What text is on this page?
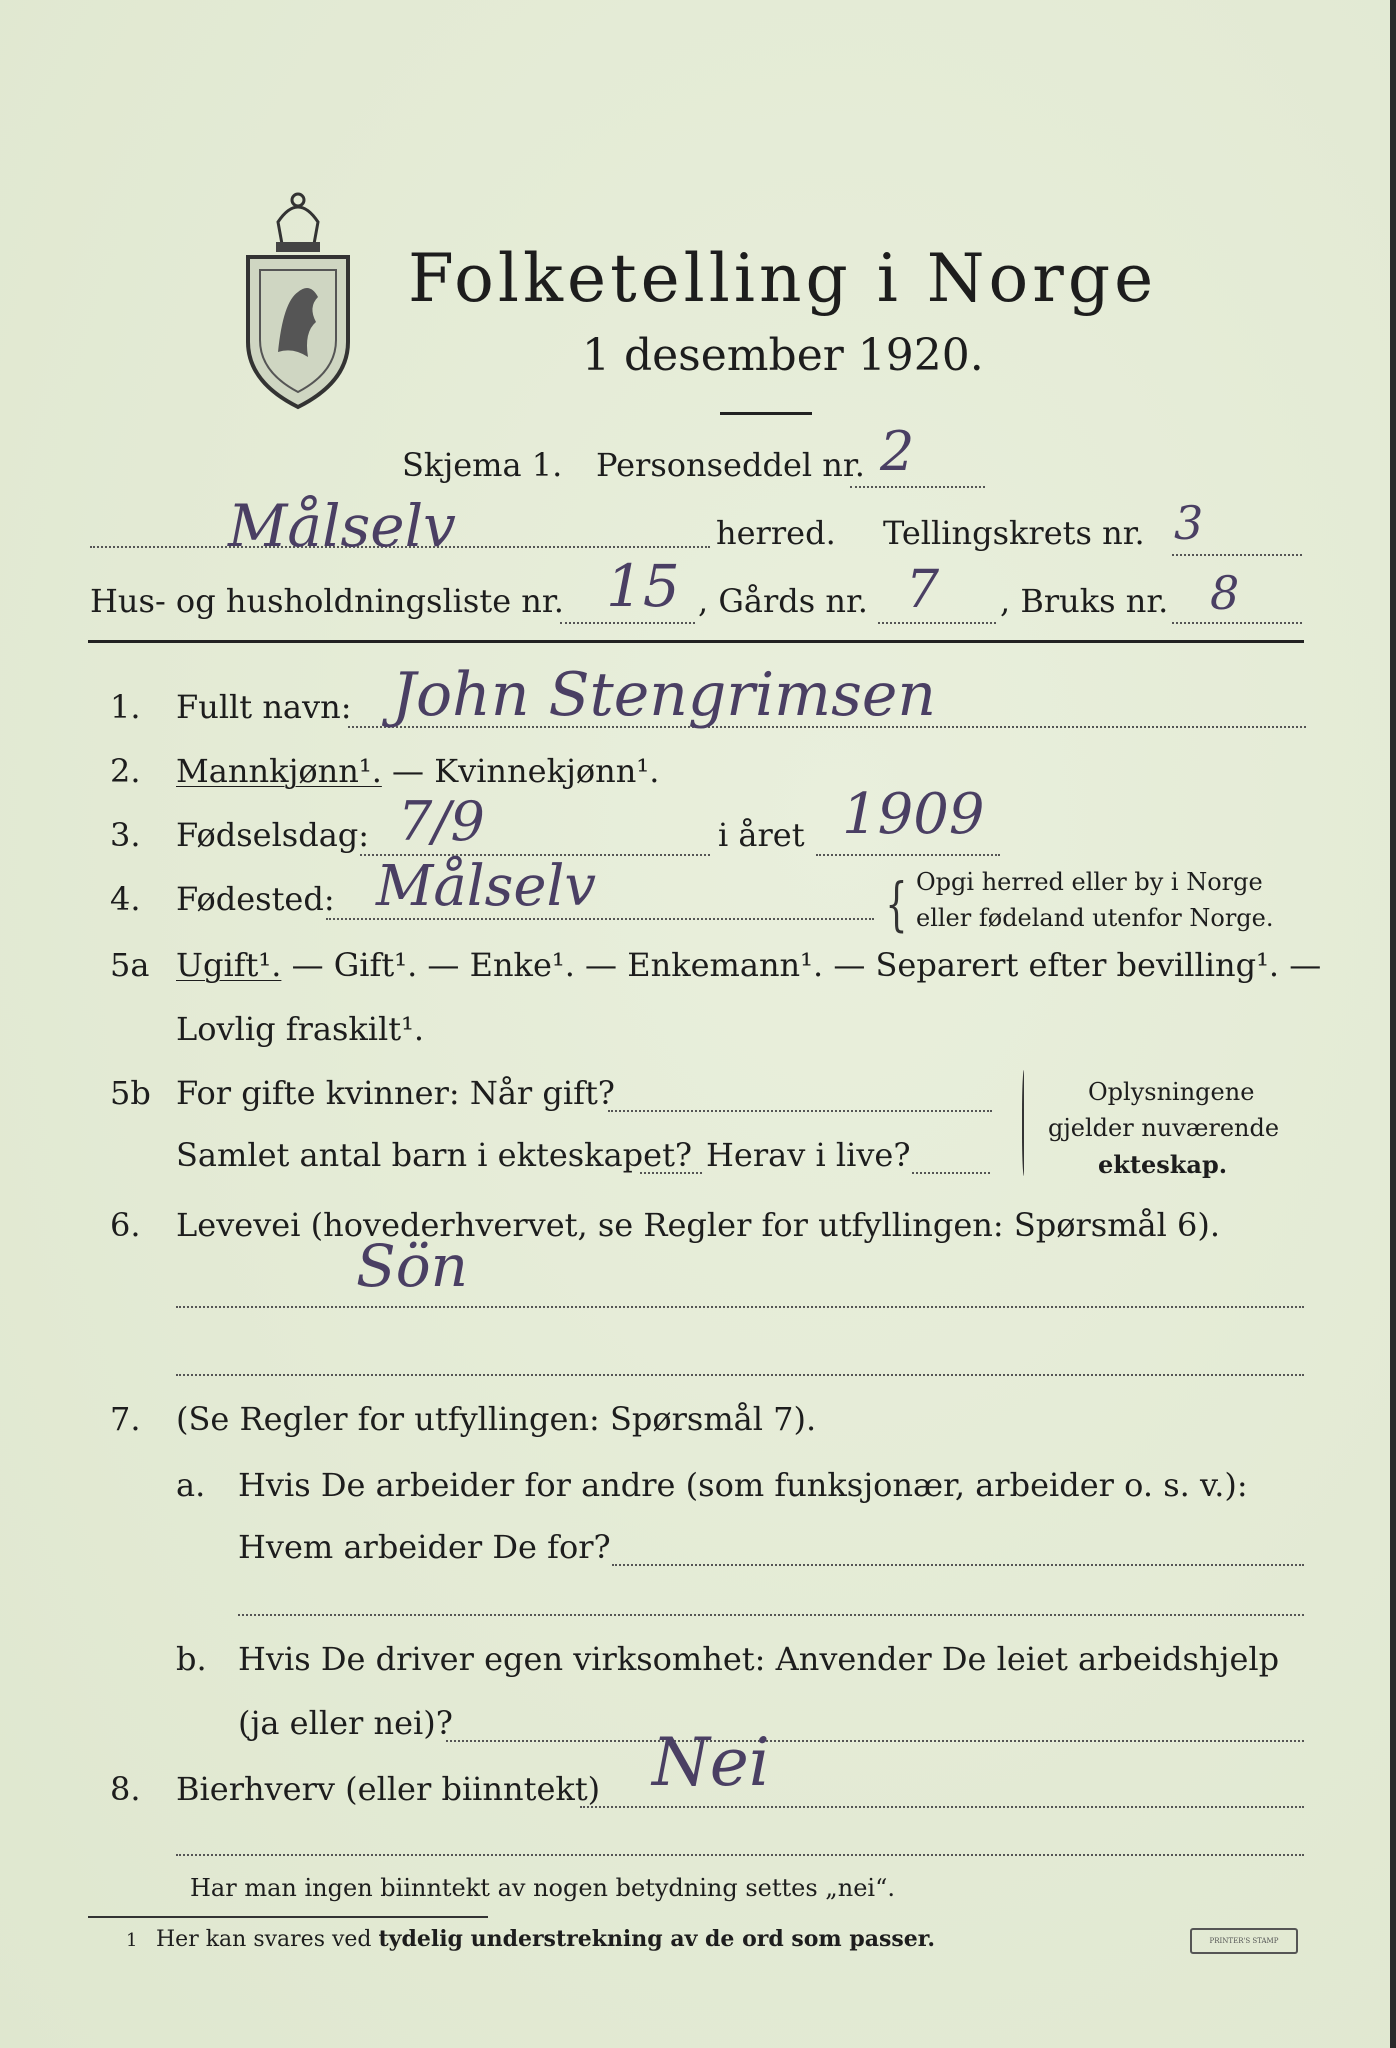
Folketelling i Norge
1 desember 1920.
Skjema 1. Personseddel nr. 2
Målselv	herred. Tellingskrets nr. 3
Hus- og husholdningsliste nr. 15 , Gårds nr. 7 , Bruks nr. 8
1. Fullt navn: John Stengrimsen
2. Mannkjønn¹. — Kvinnekjønn¹.
3. Fødselsdag: 7/9	i året 1909
4. Fødested: Målselv	{ Opgi herred eller by i Norge
eller fødeland utenfor Norge.
5a Ugift¹. — Gift¹. — Enke¹. — Enkemann¹. — Separert efter bevilling¹. —
Lovlig fraskilt¹.
5b For gifte kvinner: Når gift?
Samlet antal barn i ekteskapet? Herav i live?
Oplysningene
gjelder nuværende
ekteskap.
6. Levevei (hovederhvervet, se Regler for utfyllingen: Spørsmål 6).
Sön
7. (Se Regler for utfyllingen: Spørsmål 7).
a. Hvis De arbeider for andre (som funksjonær, arbeider o. s. v.):
Hvem arbeider De for?
b. Hvis De driver egen virksomhet: Anvender De leiet arbeidshjelp
(ja eller nei)?
8. Bierhverv (eller biinntekt) Nei
Har man ingen biinntekt av nogen betydning settes „nei“.
1 Her kan svares ved tydelig understrekning av de ord som passer.	PRINTER'S STAMP
